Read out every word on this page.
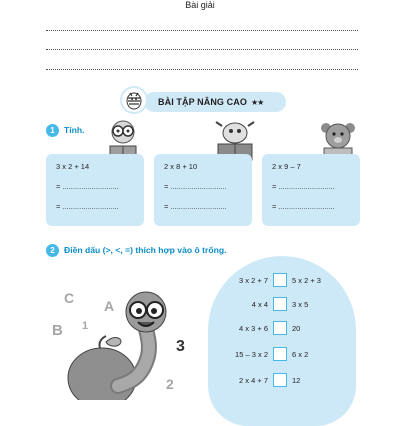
Bài giải
BÀI TẬP NÂNG CAO ★★
1	Tính.
3 x 2 + 14
= ...........................
= ...........................
2 x 8 + 10
= ...........................
= ...........................
2 x 9 – 7
= ...........................
= ...........................
2	Điền dấu (>, <, =) thích hợp vào ô trống.
3 x 2 + 7	5 x 2 + 3
4 x 4	3 x 5
4 x 3 + 6	20
15 – 3 x 2	6 x 2
2 x 4 + 7	12
C A
B 1
3
2
